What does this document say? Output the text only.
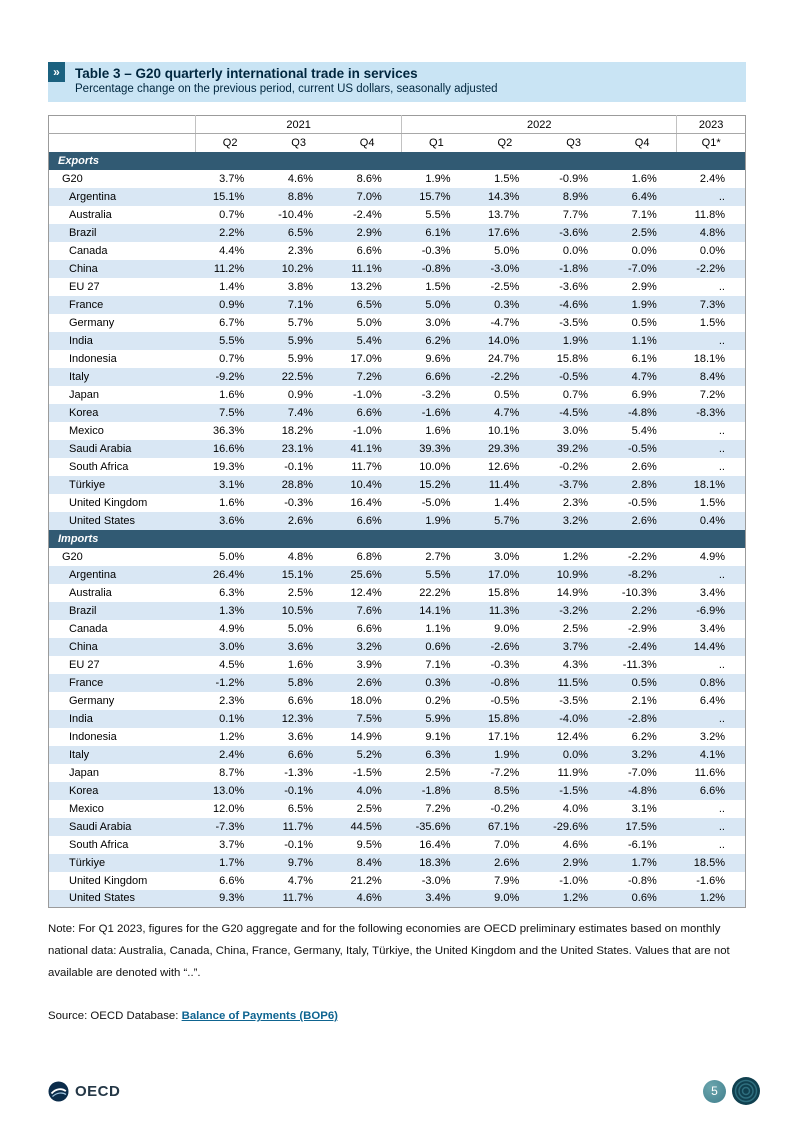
»	Table 3 – G20 quarterly international trade in services
Percentage change on the previous period, current US dollars, seasonally adjusted
	2021			2022				2023
	Q2	Q3	Q4	Q1	Q2	Q3	Q4	Q1*
Exports								
G20	3.7%	4.6%	8.6%	1.9%	1.5%	-0.9%	1.6%	2.4%
Argentina	15.1%	8.8%	7.0%	15.7%	14.3%	8.9%	6.4%	..
Australia	0.7%	-10.4%	-2.4%	5.5%	13.7%	7.7%	7.1%	11.8%
Brazil	2.2%	6.5%	2.9%	6.1%	17.6%	-3.6%	2.5%	4.8%
Canada	4.4%	2.3%	6.6%	-0.3%	5.0%	0.0%	0.0%	0.0%
China	11.2%	10.2%	11.1%	-0.8%	-3.0%	-1.8%	-7.0%	-2.2%
EU 27	1.4%	3.8%	13.2%	1.5%	-2.5%	-3.6%	2.9%	..
France	0.9%	7.1%	6.5%	5.0%	0.3%	-4.6%	1.9%	7.3%
Germany	6.7%	5.7%	5.0%	3.0%	-4.7%	-3.5%	0.5%	1.5%
India	5.5%	5.9%	5.4%	6.2%	14.0%	1.9%	1.1%	..
Indonesia	0.7%	5.9%	17.0%	9.6%	24.7%	15.8%	6.1%	18.1%
Italy	-9.2%	22.5%	7.2%	6.6%	-2.2%	-0.5%	4.7%	8.4%
Japan	1.6%	0.9%	-1.0%	-3.2%	0.5%	0.7%	6.9%	7.2%
Korea	7.5%	7.4%	6.6%	-1.6%	4.7%	-4.5%	-4.8%	-8.3%
Mexico	36.3%	18.2%	-1.0%	1.6%	10.1%	3.0%	5.4%	..
Saudi Arabia	16.6%	23.1%	41.1%	39.3%	29.3%	39.2%	-0.5%	..
South Africa	19.3%	-0.1%	11.7%	10.0%	12.6%	-0.2%	2.6%	..
Türkiye	3.1%	28.8%	10.4%	15.2%	11.4%	-3.7%	2.8%	18.1%
United Kingdom	1.6%	-0.3%	16.4%	-5.0%	1.4%	2.3%	-0.5%	1.5%
United States	3.6%	2.6%	6.6%	1.9%	5.7%	3.2%	2.6%	0.4%
Imports								
G20	5.0%	4.8%	6.8%	2.7%	3.0%	1.2%	-2.2%	4.9%
Argentina	26.4%	15.1%	25.6%	5.5%	17.0%	10.9%	-8.2%	..
Australia	6.3%	2.5%	12.4%	22.2%	15.8%	14.9%	-10.3%	3.4%
Brazil	1.3%	10.5%	7.6%	14.1%	11.3%	-3.2%	2.2%	-6.9%
Canada	4.9%	5.0%	6.6%	1.1%	9.0%	2.5%	-2.9%	3.4%
China	3.0%	3.6%	3.2%	0.6%	-2.6%	3.7%	-2.4%	14.4%
EU 27	4.5%	1.6%	3.9%	7.1%	-0.3%	4.3%	-11.3%	..
France	-1.2%	5.8%	2.6%	0.3%	-0.8%	11.5%	0.5%	0.8%
Germany	2.3%	6.6%	18.0%	0.2%	-0.5%	-3.5%	2.1%	6.4%
India	0.1%	12.3%	7.5%	5.9%	15.8%	-4.0%	-2.8%	..
Indonesia	1.2%	3.6%	14.9%	9.1%	17.1%	12.4%	6.2%	3.2%
Italy	2.4%	6.6%	5.2%	6.3%	1.9%	0.0%	3.2%	4.1%
Japan	8.7%	-1.3%	-1.5%	2.5%	-7.2%	11.9%	-7.0%	11.6%
Korea	13.0%	-0.1%	4.0%	-1.8%	8.5%	-1.5%	-4.8%	6.6%
Mexico	12.0%	6.5%	2.5%	7.2%	-0.2%	4.0%	3.1%	..
Saudi Arabia	-7.3%	11.7%	44.5%	-35.6%	67.1%	-29.6%	17.5%	..
South Africa	3.7%	-0.1%	9.5%	16.4%	7.0%	4.6%	-6.1%	..
Türkiye	1.7%	9.7%	8.4%	18.3%	2.6%	2.9%	1.7%	18.5%
United Kingdom	6.6%	4.7%	21.2%	-3.0%	7.9%	-1.0%	-0.8%	-1.6%
United States	9.3%	11.7%	4.6%	3.4%	9.0%	1.2%	0.6%	1.2%

Note: For Q1 2023, figures for the G20 aggregate and for the following economies are OECD preliminary estimates based on monthly national data: Australia, Canada, China, France, Germany, Italy, Türkiye, the United Kingdom and the United States. Values that are not available are denoted with “..”.

Source: OECD Database: Balance of Payments (BOP6)

OECD	5
